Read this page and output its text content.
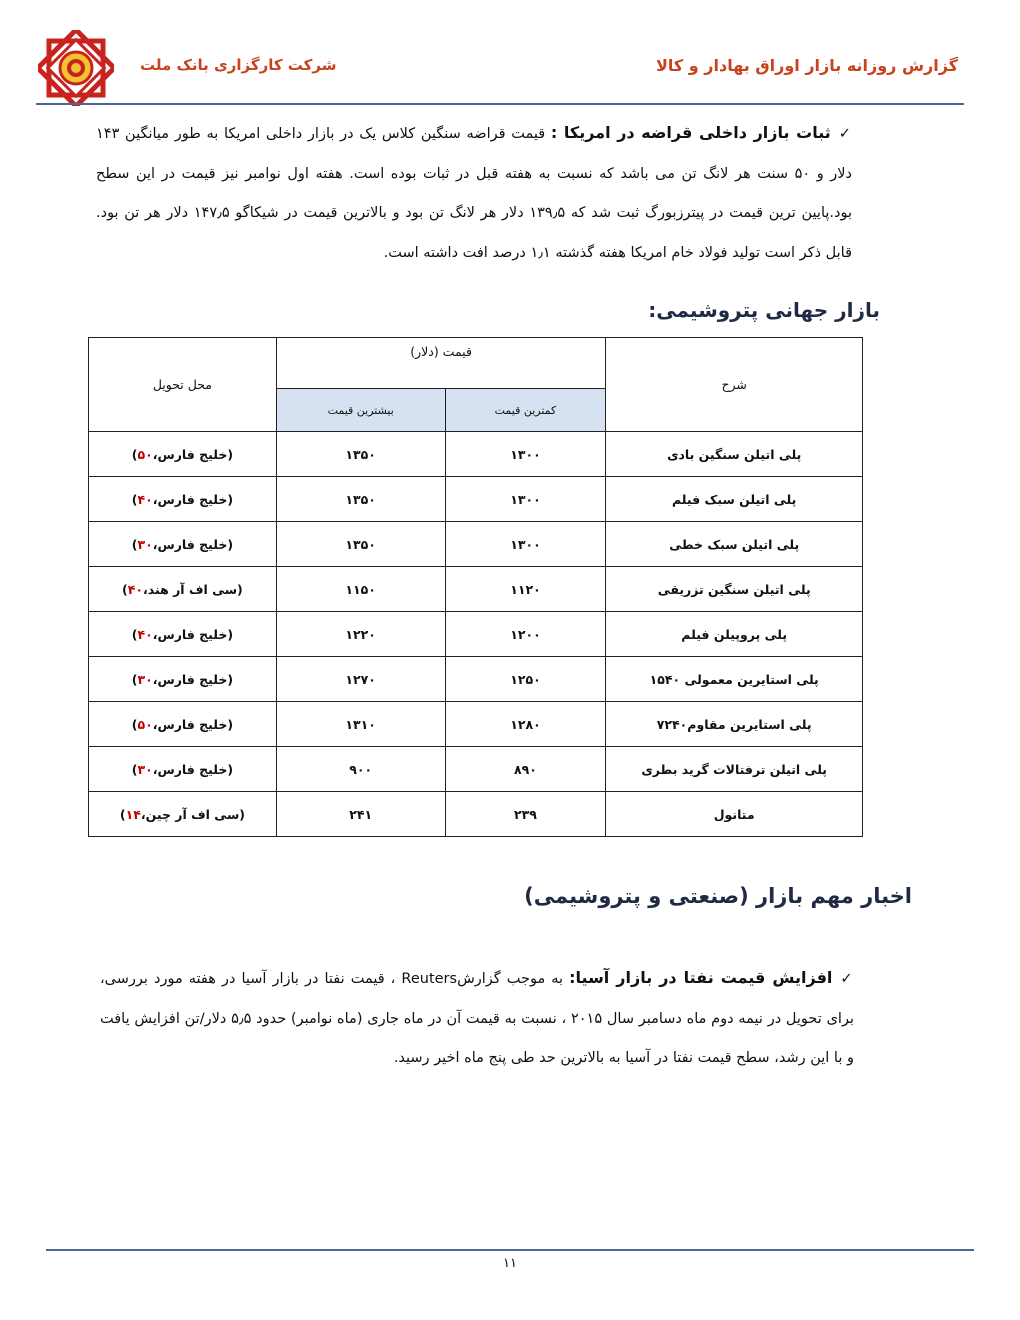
شرکت کارگزاری بانک ملت	گزارش روزانه بازار اوراق بهادار و کالا
✓ثبات بازار داخلی قراضه در امریکا : قیمت قراضه سنگین کلاس یک در بازار داخلی امریکا به طور میانگین ۱۴۳ دلار و ۵۰ سنت هر لانگ تن می باشد که نسبت به هفته قبل در ثبات بوده است. هفته اول نوامبر نیز قیمت در این سطح بود.پایین ترین قیمت در پیترزبورگ ثبت شد که ۱۳۹٫۵ دلار هر لانگ تن بود و بالاترین قیمت در شیکاگو ۱۴۷٫۵ دلار هر تن بود. قابل ذکر است تولید فولاد خام امریکا هفته گذشته ۱٫۱ درصد افت داشته است.
بازار جهانی پتروشیمی:
شرح	قیمت (دلار)		محل تحویل
	کمترین قیمت	بیشترین قیمت	
پلی اتیلن سنگین بادی	۱۳۰۰	۱۳۵۰	(خلیج فارس،۵۰)
پلی اتیلن سبک فیلم	۱۳۰۰	۱۳۵۰	(خلیج فارس،۴۰)
پلی اتیلن سبک خطی	۱۳۰۰	۱۳۵۰	(خلیج فارس،۳۰)
پلی اتیلن سنگین تزریقی	۱۱۲۰	۱۱۵۰	(سی اف آر هند،۴۰)
پلی پروپیلن فیلم	۱۲۰۰	۱۲۲۰	(خلیج فارس،۴۰)
پلی استایرین معمولی ۱۵۴۰	۱۲۵۰	۱۲۷۰	(خلیج فارس،۳۰)
پلی استایرین مقاوم۷۲۴۰	۱۲۸۰	۱۳۱۰	(خلیج فارس،۵۰)
پلی اتیلن ترفتالات گرید بطری	۸۹۰	۹۰۰	(خلیج فارس،۳۰)
متانول	۲۳۹	۲۴۱	(سی اف آر چین،۱۴)
اخبار مهم بازار (صنعتی و پتروشیمی)
✓افزایش قیمت نفتا در بازار آسیا: به موجب گزارشReuters ، قیمت نفتا در بازار آسیا در هفته مورد بررسی، برای تحویل در نیمه دوم ماه دسامبر سال ۲۰۱۵ ، نسبت به قیمت آن در ماه جاری (ماه نوامبر) حدود ۵٫۵ دلار/تن افزایش یافت و با این رشد، سطح قیمت نفتا در آسیا به بالاترین حد طی پنج ماه اخیر رسید.
۱۱
